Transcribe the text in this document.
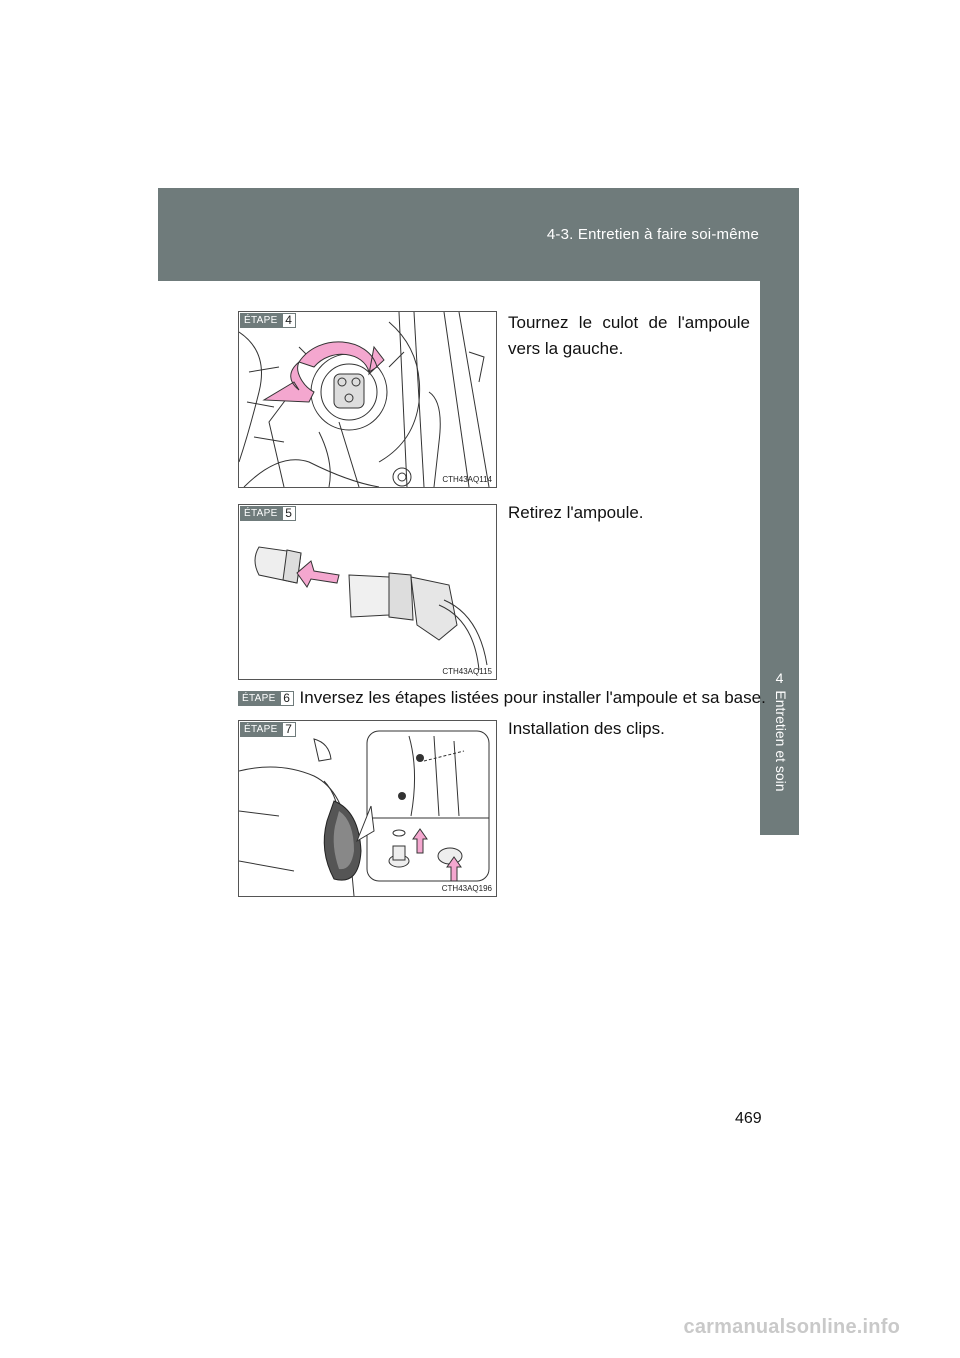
4-3. Entretien à faire soi-même
4
Entretien et soin
ÉTAPE 4
CTH43AQ114
Tournez le culot de l'ampoule vers la gauche.
ÉTAPE 5
CTH43AQ115
Retirez l'ampoule.
ÉTAPE 6 Inversez les étapes listées pour installer l'ampoule et sa base.
ÉTAPE 7
CTH43AQ196
Installation des clips.
469
carmanualsonline.info
